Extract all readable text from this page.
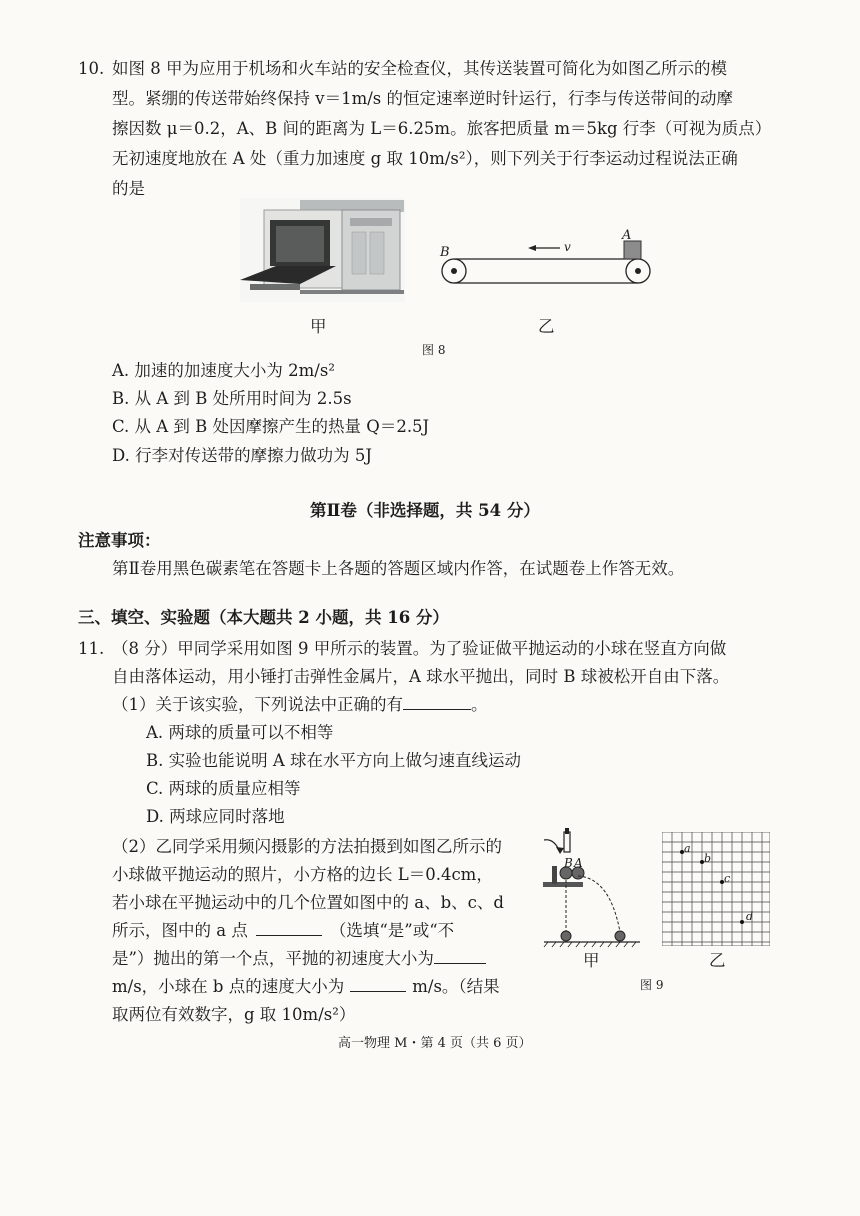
10. 如图 8 甲为应用于机场和火车站的安全检查仪，其传送装置可简化为如图乙所示的模
型。紧绷的传送带始终保持 v＝1m/s 的恒定速率逆时针运行，行李与传送带间的动摩
擦因数 μ＝0.2，A、B 间的距离为 L＝6.25m。旅客把质量 m＝5kg 行李（可视为质点）
无初速度地放在 A 处（重力加速度 g 取 10m/s²），则下列关于行李运动过程说法正确
的是
A
B	v
甲	乙
图 8
A. 加速的加速度大小为 2m/s²
B. 从 A 到 B 处所用时间为 2.5s
C. 从 A 到 B 处因摩擦产生的热量 Q＝2.5J
D. 行李对传送带的摩擦力做功为 5J
第Ⅱ卷（非选择题，共 54 分）
注意事项：
第Ⅱ卷用黑色碳素笔在答题卡上各题的答题区域内作答，在试题卷上作答无效。
三、填空、实验题（本大题共 2 小题，共 16 分）
11. （8 分）甲同学采用如图 9 甲所示的装置。为了验证做平抛运动的小球在竖直方向做
自由落体运动，用小锤打击弹性金属片，A 球水平抛出，同时 B 球被松开自由下落。
（1）关于该实验，下列说法中正确的有	。
A. 两球的质量可以不相等
B. 实验也能说明 A 球在水平方向上做匀速直线运动
C. 两球的质量应相等
D. 两球应同时落地
（2）乙同学采用频闪摄影的方法拍摄到如图乙所示的
小球做平抛运动的照片，小方格的边长 L＝0.4cm，
若小球在平抛运动中的几个位置如图中的 a、b、c、d
所示，图中的 a 点	（选填“是”或“不
是”）抛出的第一个点，平抛的初速度大小为
m/s，小球在 b 点的速度大小为	m/s。（结果
取两位有效数字，g 取 10m/s²）
B A
a
b
c
d
甲	乙
图 9
高一物理 M・第 4 页（共 6 页）
